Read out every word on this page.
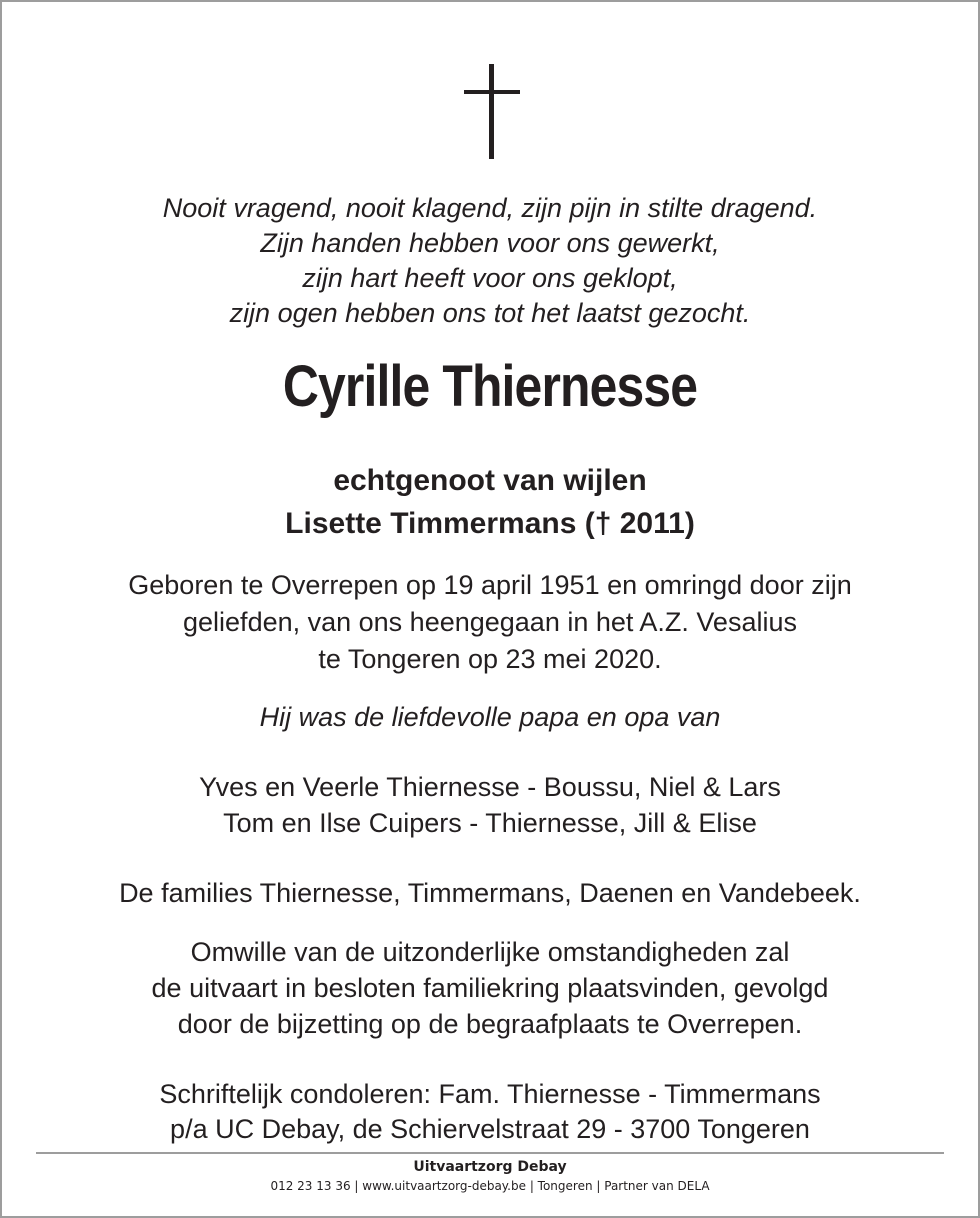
Nooit vragend, nooit klagend, zijn pijn in stilte dragend.

Zijn handen hebben voor ons gewerkt,

zijn hart heeft voor ons geklopt,

zijn ogen hebben ons tot het laatst gezocht.

Cyrille Thiernesse

echtgenoot van wijlen

Lisette Timmermans († 2011)

Geboren te Overrepen op 19 april 1951 en omringd door zijn

geliefden, van ons heengegaan in het A.Z. Vesalius

te Tongeren op 23 mei 2020.

Hij was de liefdevolle papa en opa van

Yves en Veerle Thiernesse - Boussu, Niel & Lars

Tom en Ilse Cuipers - Thiernesse, Jill & Elise

De families Thiernesse, Timmermans, Daenen en Vandebeek.

Omwille van de uitzonderlijke omstandigheden zal

de uitvaart in besloten familiekring plaatsvinden, gevolgd

door de bijzetting op de begraafplaats te Overrepen.

Schriftelijk condoleren: Fam. Thiernesse - Timmermans

p/a UC Debay, de Schiervelstraat 29 - 3700 Tongeren

Uitvaartzorg Debay

012 23 13 36 | www.uitvaartzorg-debay.be | Tongeren | Partner van DELA
